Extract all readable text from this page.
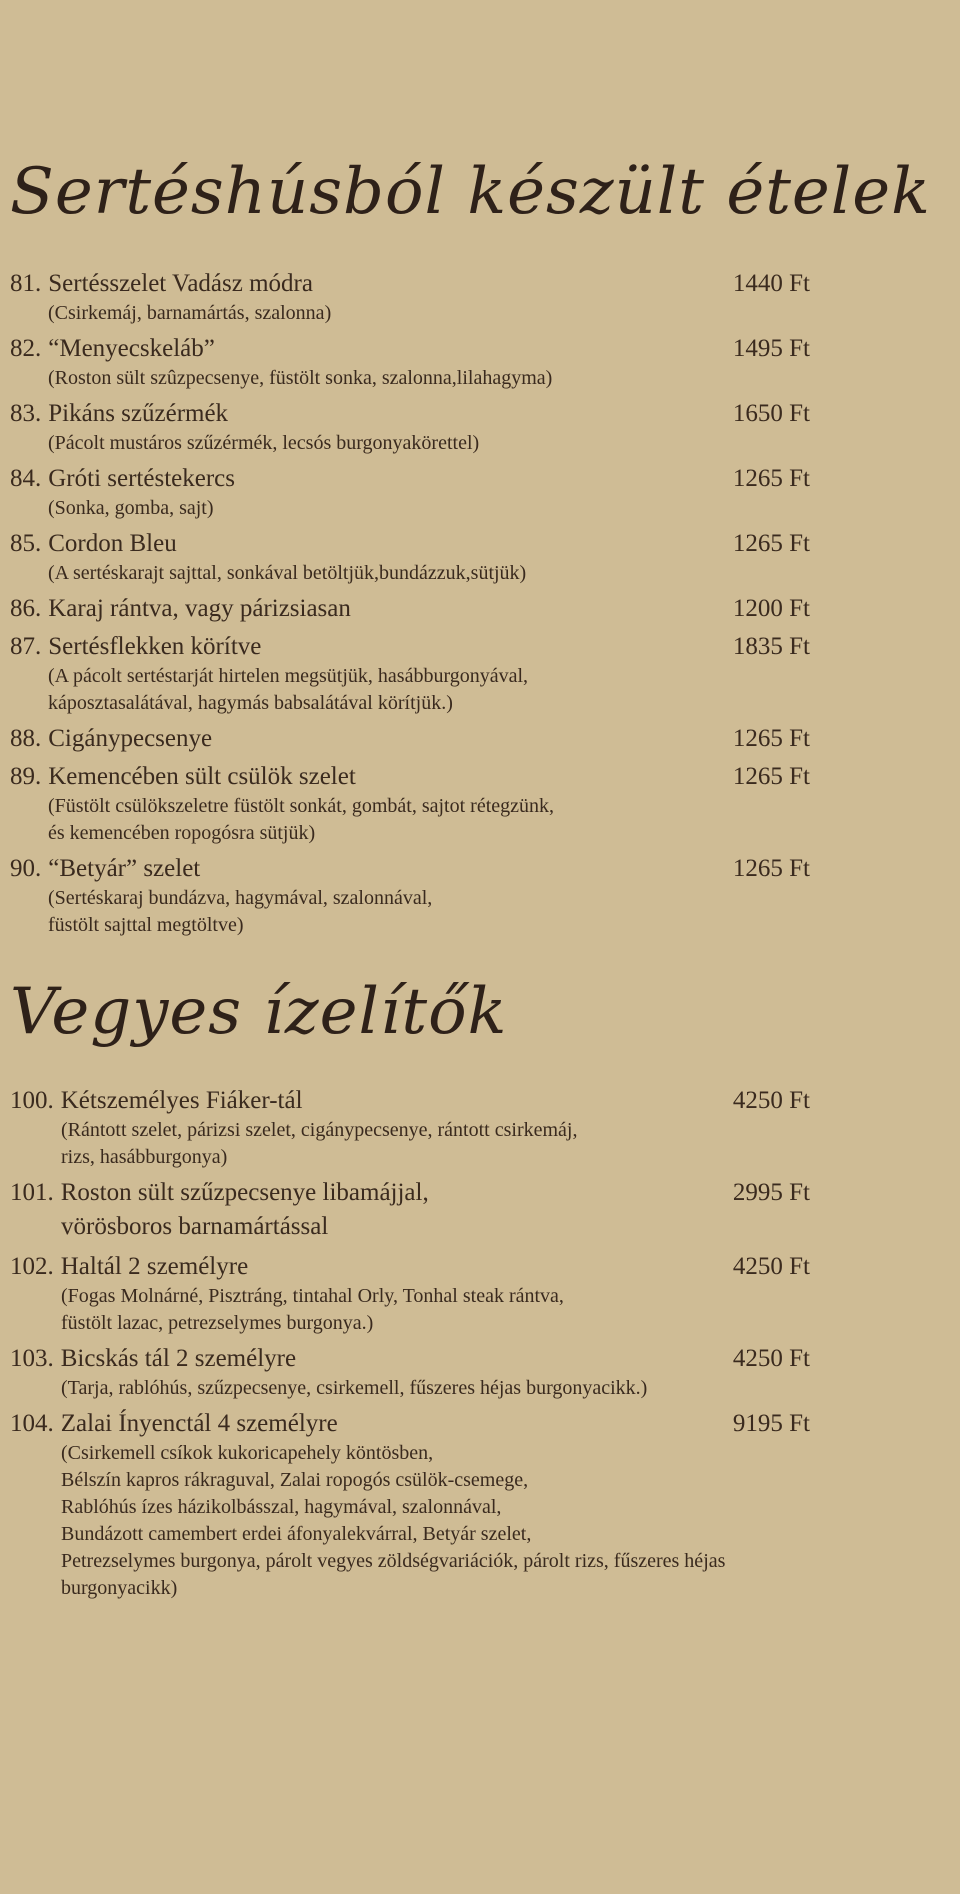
Sertéshúsból készült ételek
81. Sertésszelet Vadász módra	1440 Ft
(Csirkemáj, barnamártás, szalonna)
82. “Menyecskeláb”	1495 Ft
(Roston sült szûzpecsenye, füstölt sonka, szalonna,lilahagyma)
83. Pikáns szűzérmék	1650 Ft
(Pácolt mustáros szűzérmék, lecsós burgonyakörettel)
84. Gróti sertéstekercs	1265 Ft
(Sonka, gomba, sajt)
85. Cordon Bleu	1265 Ft
(A sertéskarajt sajttal, sonkával betöltjük,bundázzuk,sütjük)
86. Karaj rántva, vagy párizsiasan	1200 Ft
87. Sertésflekken körítve	1835 Ft
(A pácolt sertéstarját hirtelen megsütjük, hasábburgonyával,
káposztasalátával, hagymás babsalátával körítjük.)
88. Cigánypecsenye	1265 Ft
89. Kemencében sült csülök szelet	1265 Ft
(Füstölt csülökszeletre füstölt sonkát, gombát, sajtot rétegzünk,
és kemencében ropogósra sütjük)
90. “Betyár” szelet	1265 Ft
(Sertéskaraj bundázva, hagymával, szalonnával,
füstölt sajttal megtöltve)
Vegyes ízelítők
100. Kétszemélyes Fiáker-tál	4250 Ft
(Rántott szelet, párizsi szelet, cigánypecsenye, rántott csirkemáj,
rizs, hasábburgonya)
101. Roston sült szűzpecsenye libamájjal,	2995 Ft
vörösboros barnamártással
102. Haltál 2 személyre	4250 Ft
(Fogas Molnárné, Pisztráng, tintahal Orly, Tonhal steak rántva,
füstölt lazac, petrezselymes burgonya.)
103. Bicskás tál 2 személyre	4250 Ft
(Tarja, rablóhús, szűzpecsenye, csirkemell, fűszeres héjas burgonyacikk.)
104. Zalai Ínyenctál 4 személyre	9195 Ft
(Csirkemell csíkok kukoricapehely köntösben,
Bélszín kapros rákraguval, Zalai ropogós csülök-csemege,
Rablóhús ízes házikolbásszal, hagymával, szalonnával,
Bundázott camembert erdei áfonyalekvárral, Betyár szelet,
Petrezselymes burgonya, párolt vegyes zöldségvariációk, párolt rizs, fűszeres héjas
burgonyacikk)
